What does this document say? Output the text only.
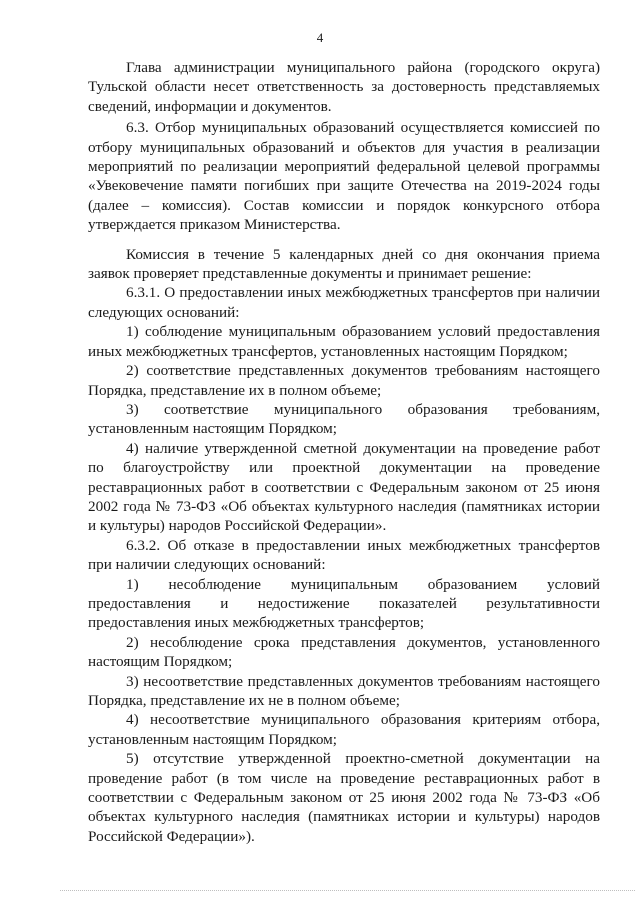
4

Глава администрации муниципального района (городского округа) Тульской области несет ответственность за достоверность представляемых сведений, информации и документов.

6.3. Отбор муниципальных образований осуществляется комиссией по отбору муниципальных образований и объектов для участия в реализации мероприятий по реализации мероприятий федеральной целевой программы «Увековечение памяти погибших при защите Отечества на 2019-2024 годы (далее – комиссия). Состав комиссии и порядок конкурсного отбора утверждается приказом Министерства.

Комиссия в течение 5 календарных дней со дня окончания приема заявок проверяет представленные документы и принимает решение:

6.3.1. О предоставлении иных межбюджетных трансфертов при наличии следующих оснований:

1) соблюдение муниципальным образованием условий предоставления иных межбюджетных трансфертов, установленных настоящим Порядком;

2) соответствие представленных документов требованиям настоящего Порядка, представление их в полном объеме;

3) соответствие муниципального образования требованиям, установленным настоящим Порядком;

4) наличие утвержденной сметной документации на проведение работ по благоустройству или проектной документации на проведение реставрационных работ в соответствии с Федеральным законом от 25 июня 2002 года № 73-ФЗ «Об объектах культурного наследия (памятниках истории и культуры) народов Российской Федерации».

6.3.2. Об отказе в предоставлении иных межбюджетных трансфертов при наличии следующих оснований:

1) несоблюдение муниципальным образованием условий предоставления и недостижение показателей результативности предоставления иных межбюджетных трансфертов;

2) несоблюдение срока представления документов, установленного настоящим Порядком;

3) несоответствие представленных документов требованиям настоящего Порядка, представление их не в полном объеме;

4) несоответствие муниципального образования критериям отбора, установленным настоящим Порядком;

5) отсутствие утвержденной проектно-сметной документации на проведение работ (в том числе на проведение реставрационных работ в соответствии с Федеральным законом от 25 июня 2002 года № 73-ФЗ «Об объектах культурного наследия (памятниках истории и культуры) народов Российской Федерации»).
